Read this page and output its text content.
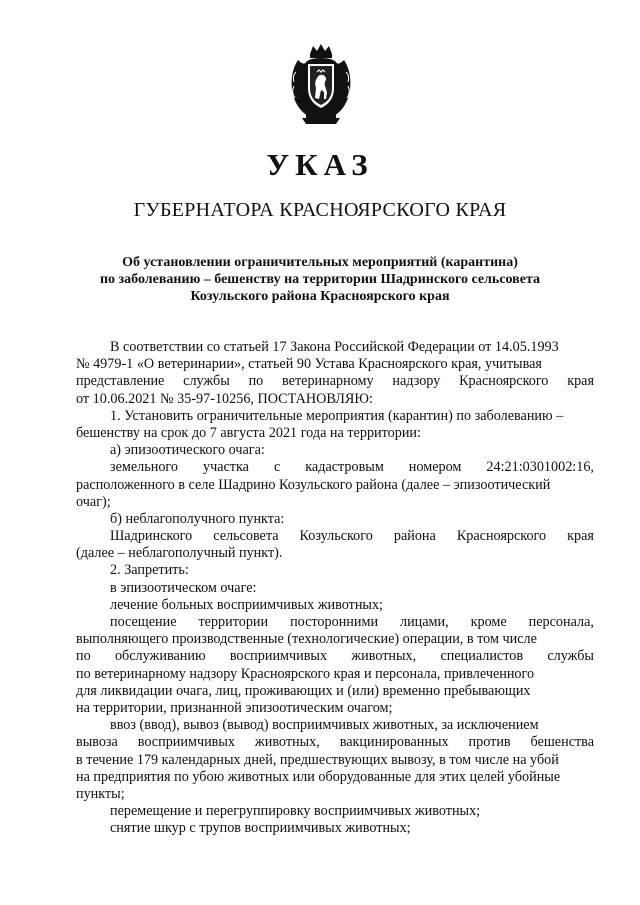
УКАЗ
ГУБЕРНАТОРА КРАСНОЯРСКОГО КРАЯ
Об установлении ограничительных мероприятий (карантина)
по заболеванию – бешенству на территории Шадринского сельсовета
Козульского района Красноярского края
В соответствии со статьей 17 Закона Российской Федерации от 14.05.1993
№ 4979-1 «О ветеринарии», статьей 90 Устава Красноярского края, учитывая
представление службы по ветеринарному надзору Красноярского края
от 10.06.2021 № 35-97-10256, ПОСТАНОВЛЯЮ:
1. Установить ограничительные мероприятия (карантин) по заболеванию –
бешенству на срок до 7 августа 2021 года на территории:
а) эпизоотического очага:
земельного участка с кадастровым номером 24:21:0301002:16,
расположенного в селе Шадрино Козульского района (далее – эпизоотический
очаг);
б) неблагополучного пункта:
Шадринского сельсовета Козульского района Красноярского края
(далее – неблагополучный пункт).
2. Запретить:
в эпизоотическом очаге:
лечение больных восприимчивых животных;
посещение территории посторонними лицами, кроме персонала,
выполняющего производственные (технологические) операции, в том числе
по обслуживанию восприимчивых животных, специалистов службы
по ветеринарному надзору Красноярского края и персонала, привлеченного
для ликвидации очага, лиц, проживающих и (или) временно пребывающих
на территории, признанной эпизоотическим очагом;
ввоз (ввод), вывоз (вывод) восприимчивых животных, за исключением
вывоза восприимчивых животных, вакцинированных против бешенства
в течение 179 календарных дней, предшествующих вывозу, в том числе на убой
на предприятия по убою животных или оборудованные для этих целей убойные
пункты;
перемещение и перегруппировку восприимчивых животных;
снятие шкур с трупов восприимчивых животных;
